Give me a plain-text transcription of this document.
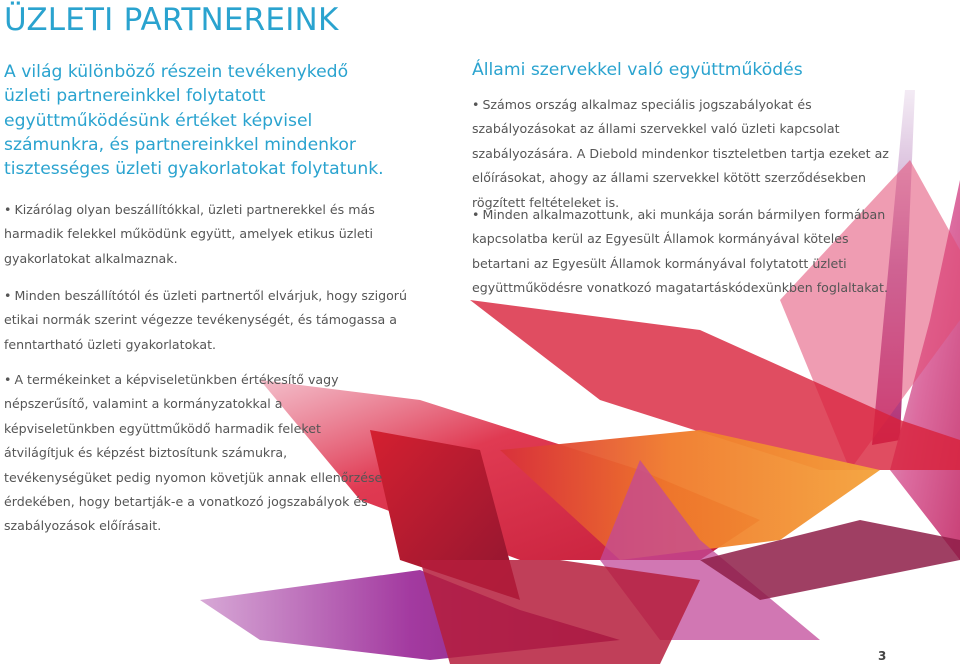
ÜZLETI PARTNEREINK

A világ különböző részein tevékenykedő üzleti partnereinkkel folytatott együttműködésünk értéket képvisel számunkra, és partnereinkkel mindenkor tisztességes üzleti gyakorlatokat folytatunk.

• Kizárólag olyan beszállítókkal, üzleti partnerekkel és más harmadik felekkel működünk együtt, amelyek etikus üzleti gyakorlatokat alkalmaznak.

• Minden beszállítótól és üzleti partnertől elvárjuk, hogy szigorú etikai normák szerint végezze tevékenységét, és támogassa a fenntartható üzleti gyakorlatokat.

• A termékeinket a képviseletünkben értékesítő vagy népszerűsítő, valamint a kormányzatokkal a képviseletünkben együttműködő harmadik feleket átvilágítjuk és képzést biztosítunk számukra, tevékenységüket pedig nyomon követjük annak ellenőrzése érdekében, hogy betartják-e a vonatkozó jogszabályok és szabályozások előírásait.

Állami szervekkel való együttműködés

• Számos ország alkalmaz speciális jogszabályokat és szabályozásokat az állami szervekkel való üzleti kapcsolat szabályozására. A Diebold mindenkor tiszteletben tartja ezeket az előírásokat, ahogy az állami szervekkel kötött szerződésekben rögzített feltételeket is.

• Minden alkalmazottunk, aki munkája során bármilyen formában kapcsolatba kerül az Egyesült Államok kormányával köteles betartani az Egyesült Államok kormányával folytatott üzleti együttműködésre vonatkozó magatartáskódexünkben foglaltakat.

3
